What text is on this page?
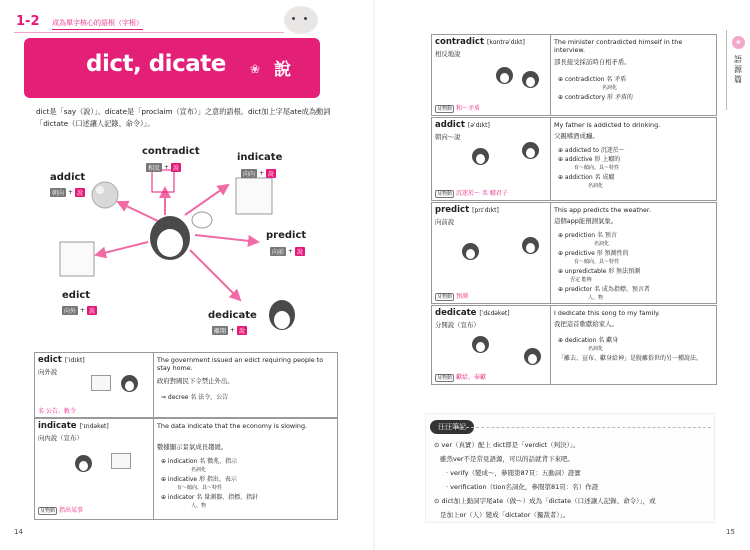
1-2 成為單字核心的語根（字根）
dict, dicate ❀ 說
dict是「say（說）」、dicate是「proclaim（宣布）」之意的語根。dict加上字尾ate成為動詞「dictate（口述讓人記錄、命令）」。
contradict
相反 + 說
indicate
向內 + 說
addict
朝向 + 說
predict
向前 + 說
edict
向外 + 說	dedicate
離開 + 說
edict [ˈidɪkt]
向外說
名 公告、敕令
The government issued an edict requiring people to stay home.
政府對國民下令禁止外出。
⇒ decree 名 法令、公告
indicate [ˈɪndəket]
向內說（宣布）
及物動 指出某事
The data indicate that the economy is slowing.
數據顯示景氣成長趨緩。
⊕ indication 名 徵兆、指示
名詞化
⊕ indicative 形 指出、表示
有～傾向、具～特性
⊕ indicator 名 量測器、指標、指針
人、物
14
contradict [kɑntrəˈdɪkt]
相反地說
及物動 和～矛盾
The minister contradicted himself in the interview.
部長接受採訪時自相矛盾。
⊕ contradiction 名 矛盾
名詞化
⊕ contradictory 形 矛盾的
addict [əˈdɪkt]
朝向～說
及物動 沉迷於～ 名 癮君子
My father is addicted to drinking.
父親嗜酒成癮。
⊕ addicted to 沉迷於～
⊕ addictive 形 上癮的
有～傾向、具～特性
⊕ addiction 名 成癮
名詞化
predict [prɪˈdɪkt]
向前說
及物動 預測
This app predicts the weather.
這個app能預測氣象。
⊕ prediction 名 預言
名詞化
⊕ predictive 形 預測性的
有～傾向、具～特性
⊕ unpredictable 形 無法預測
否定 能夠
⊕ predictor 名 成為指標、預言者
人、物
dedicate [ˈdɛdəket]
分開說（宣布）
及物動 獻給、奉獻
I dedicate this song to my family.
我把這首歌獻給家人。
⊕ dedication 名 獻身
名詞化
「離去、宣布、獻身給神」是脫離俗世的另一種說法。
❀
語源篇
汪汪筆記
⊙ ver（真實）配上 dict即是「verdict（判決）」。
雖然ver不是常見語源，可以的話就背下來吧。
· verify（變成～，參閱第87頁：五動詞）證實
· verification（tion名詞化，參閱第81頁：名）作證
⊙ dict加上動詞字尾ate（做～）成為「dictate（口述讓人記錄、命令）」，或
是加上or（人）變成「dictator（獨裁者）」。
15
